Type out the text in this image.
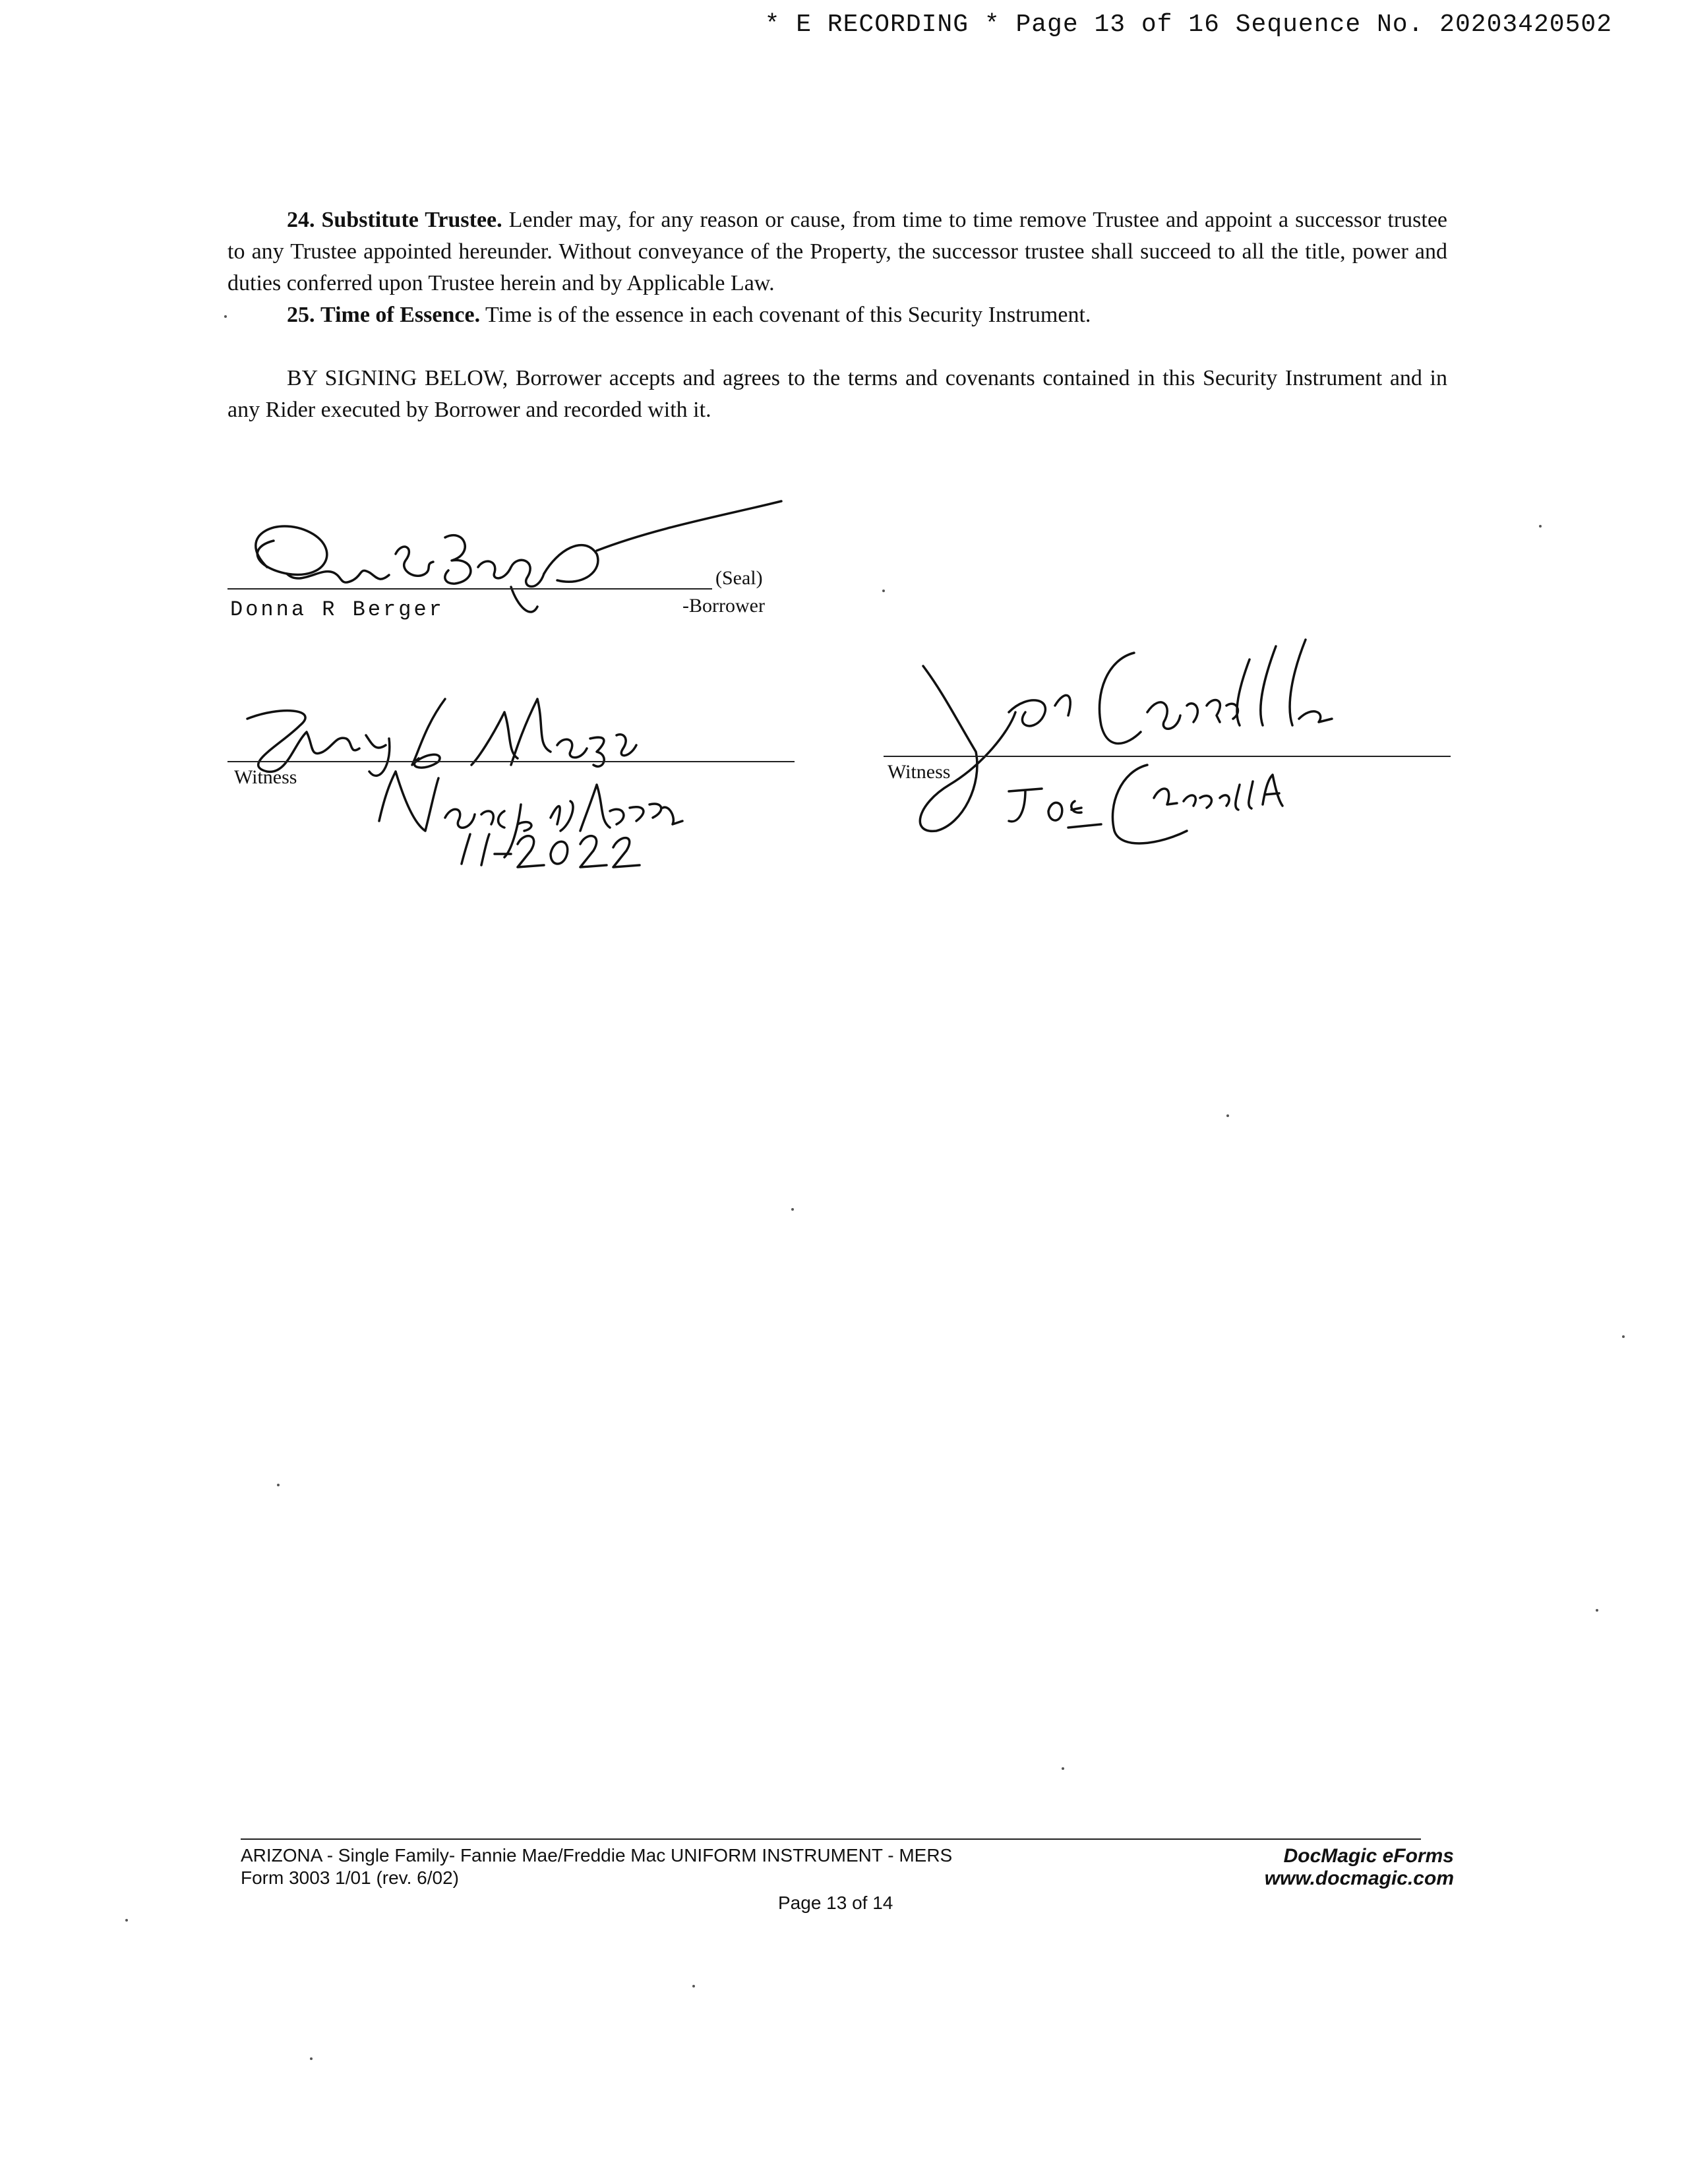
* E RECORDING * Page 13 of 16 Sequence No. 20203420502

24. Substitute Trustee. Lender may, for any reason or cause, from time to time remove Trustee and appoint a successor trustee to any Trustee appointed hereunder. Without conveyance of the Property, the successor trustee shall succeed to all the title, power and duties conferred upon Trustee herein and by Applicable Law.

25. Time of Essence. Time is of the essence in each covenant of this Security Instrument.

BY SIGNING BELOW, Borrower accepts and agrees to the terms and covenants contained in this Security Instrument and in any Rider executed by Borrower and recorded with it.

(Seal)
Donna R Berger	-Borrower
Witness	Witness
ARIZONA - Single Family- Fannie Mae/Freddie Mac UNIFORM INSTRUMENT - MERS
Form 3003 1/01 (rev. 6/02)
Page 13 of 14
DocMagic eForms
www.docmagic.com
